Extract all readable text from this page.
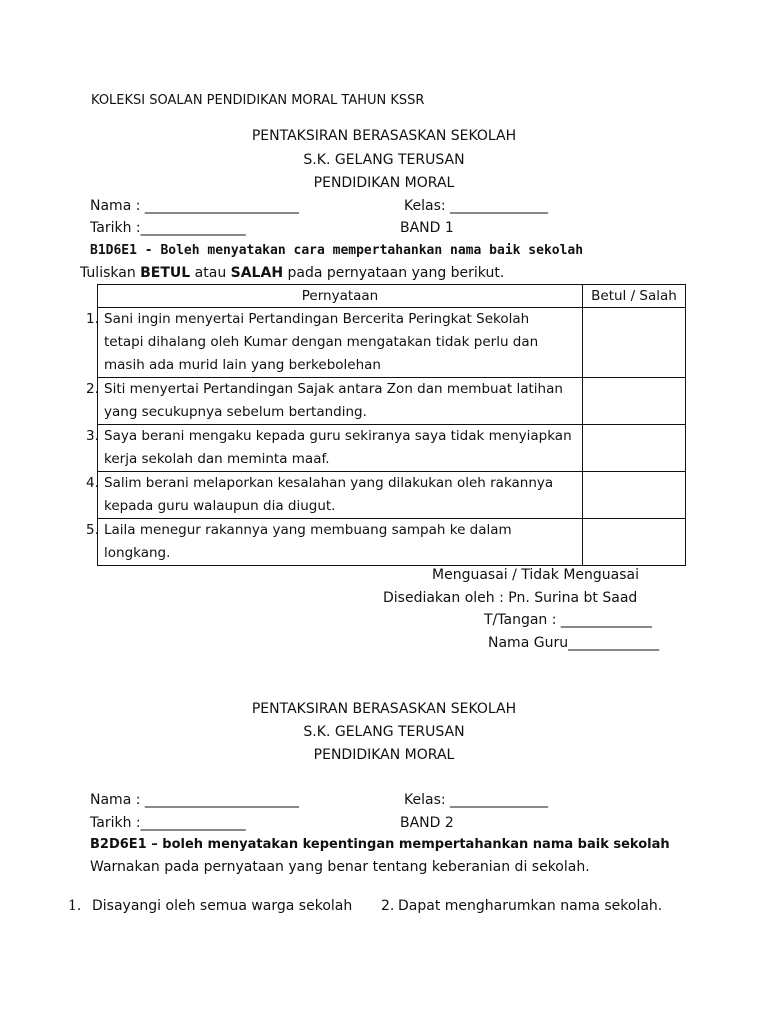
KOLEKSI SOALAN PENDIDIKAN MORAL TAHUN KSSR
PENTAKSIRAN BERASASKAN SEKOLAH
S.K. GELANG TERUSAN
PENDIDIKAN MORAL
Nama : ______________________	Kelas: ______________
Tarikh :_______________	BAND 1
B1D6E1 - Boleh menyatakan cara mempertahankan nama baik sekolah
Tuliskan BETUL atau SALAH pada pernyataan yang berikut.
Pernyataan	Betul / Salah

1. Sani ingin menyertai Pertandingan Bercerita Peringkat Sekolah
tetapi dihalang oleh Kumar dengan mengatakan tidak perlu dan
masih ada murid lain yang berkebolehan	

2. Siti menyertai Pertandingan Sajak antara Zon dan membuat latihan
yang secukupnya sebelum bertanding.	

3. Saya berani mengaku kepada guru sekiranya saya tidak menyiapkan
kerja sekolah dan meminta maaf.	

4. Salim berani melaporkan kesalahan yang dilakukan oleh rakannya
kepada guru walaupun dia diugut.	

5. Laila menegur rakannya yang membuang sampah ke dalam longkang.	

Menguasai / Tidak Menguasai
Disediakan oleh : Pn. Surina bt Saad
T/Tangan : _____________
Nama Guru_____________
PENTAKSIRAN BERASASKAN SEKOLAH
S.K. GELANG TERUSAN
PENDIDIKAN MORAL
Nama : ______________________	Kelas: ______________
Tarikh :_______________	BAND 2
B2D6E1 – boleh menyatakan kepentingan mempertahankan nama baik sekolah
Warnakan pada pernyataan yang benar tentang keberanian di sekolah.
1. Disayangi oleh semua warga sekolah 2. Dapat mengharumkan nama sekolah.
